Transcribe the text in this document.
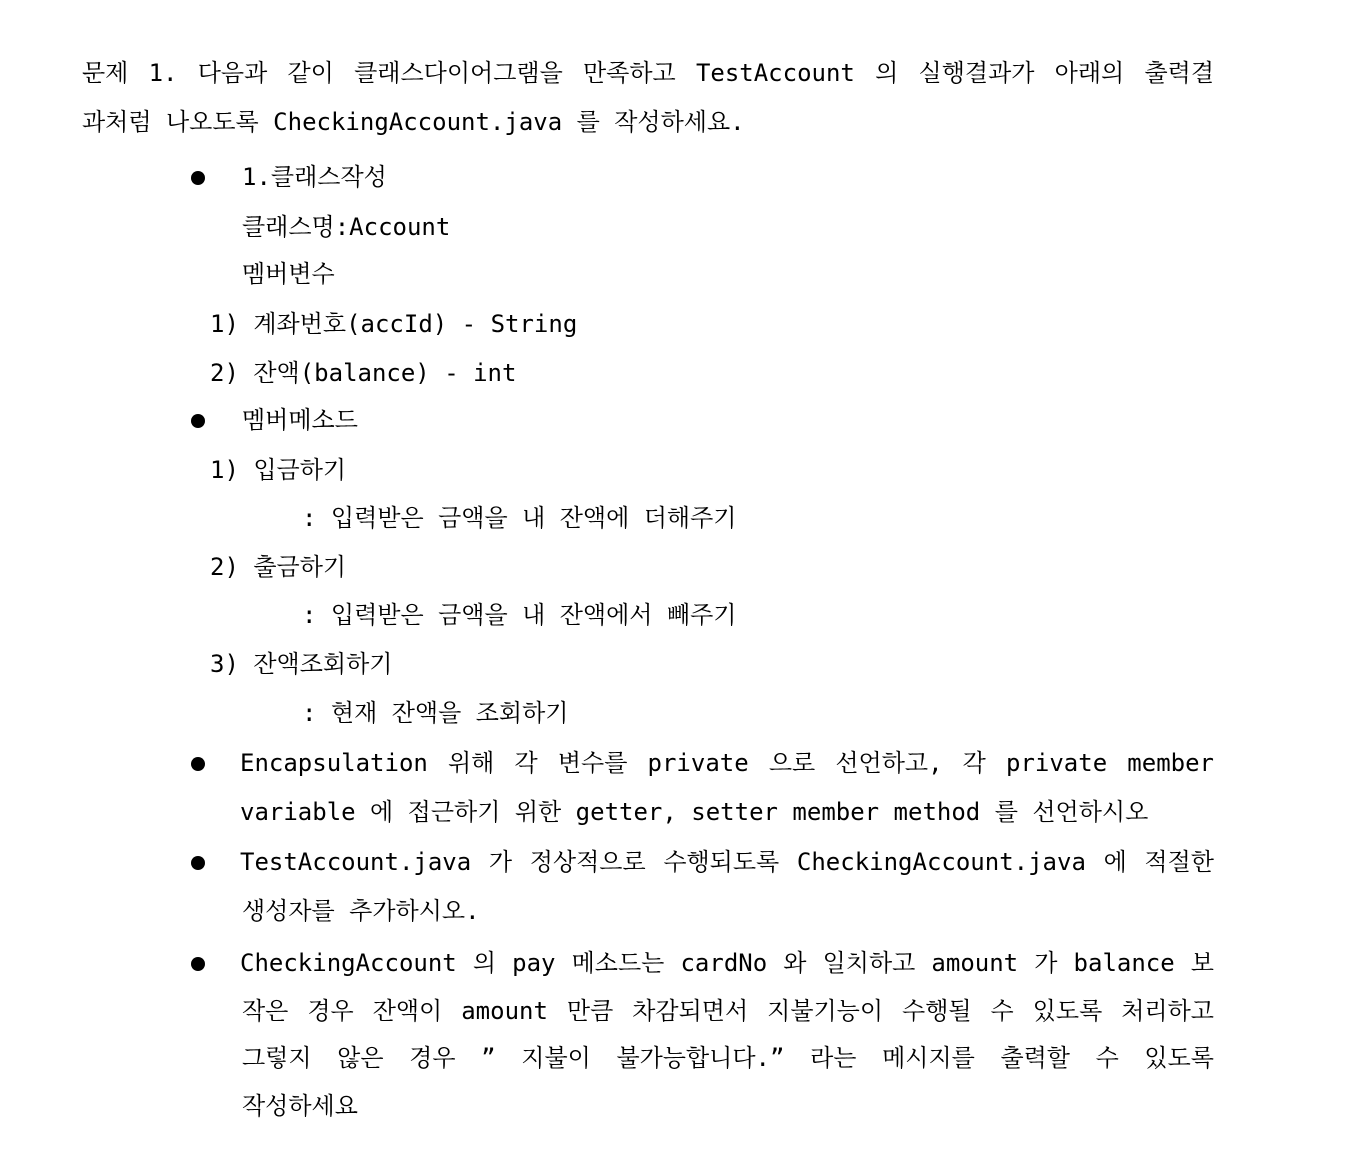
문제 1. 다음과 같이 클래스다이어그램을 만족하고 TestAccount 의 실행결과가 아래의 출력결
과처럼 나오도록 CheckingAccount.java 를 작성하세요.
1.클래스작성
클래스명:Account
멤버변수
1) 계좌번호(accId) - String
2) 잔액(balance) - int
멤버메소드
1) 입금하기
: 입력받은 금액을 내 잔액에 더해주기
2) 출금하기
: 입력받은 금액을 내 잔액에서 빼주기
3) 잔액조회하기
: 현재 잔액을 조회하기
Encapsulation 위해 각 변수를 private 으로 선언하고, 각 private member
variable 에 접근하기 위한 getter, setter member method 를 선언하시오
TestAccount.java 가 정상적으로 수행되도록 CheckingAccount.java 에 적절한
생성자를 추가하시오.
CheckingAccount 의 pay 메소드는 cardNo 와 일치하고 amount 가 balance 보
작은 경우 잔액이 amount 만큼 차감되면서 지불기능이 수행될 수 있도록 처리하고
그렇지 않은 경우 ” 지불이 불가능합니다.” 라는 메시지를 출력할 수 있도록
작성하세요
